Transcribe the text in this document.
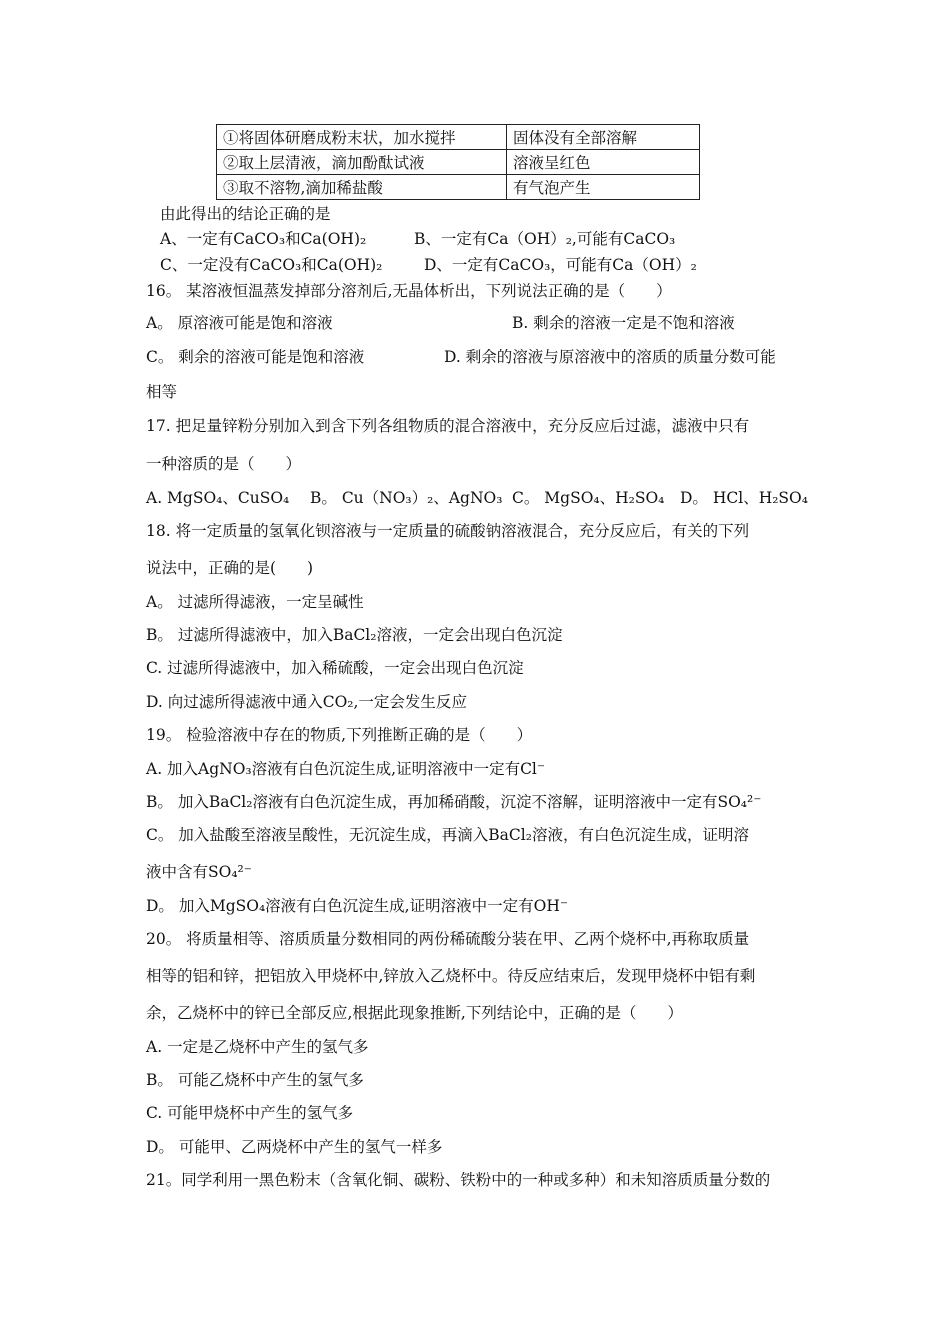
①将固体研磨成粉末状，加水搅拌	固体没有全部溶解
②取上层清液，滴加酚酞试液	溶液呈红色
③取不溶物,滴加稀盐酸	有气泡产生
由此得出的结论正确的是
A、一定有CaCO₃和Ca(OH)₂	B、一定有Ca（OH）₂,可能有CaCO₃
C、一定没有CaCO₃和Ca(OH)₂	D、一定有CaCO₃，可能有Ca（OH）₂
16。 某溶液恒温蒸发掉部分溶剂后,无晶体析出，下列说法正确的是（　　）
A。 原溶液可能是饱和溶液	B. 剩余的溶液一定是不饱和溶液
C。 剩余的溶液可能是饱和溶液	D. 剩余的溶液与原溶液中的溶质的质量分数可能
相等
17. 把足量锌粉分别加入到含下列各组物质的混合溶液中，充分反应后过滤，滤液中只有
一种溶质的是（　　）
A. MgSO₄、CuSO₄ B。 Cu（NO₃）₂、AgNO₃ C。 MgSO₄、H₂SO₄ D。 HCl、H₂SO₄
18. 将一定质量的氢氧化钡溶液与一定质量的硫酸钠溶液混合，充分反应后，有关的下列
说法中，正确的是(　　)
A。 过滤所得滤液，一定呈碱性
B。 过滤所得滤液中，加入BaCl₂溶液，一定会出现白色沉淀
C. 过滤所得滤液中，加入稀硫酸，一定会出现白色沉淀
D. 向过滤所得滤液中通入CO₂,一定会发生反应
19。 检验溶液中存在的物质,下列推断正确的是（　　）
A. 加入AgNO₃溶液有白色沉淀生成,证明溶液中一定有Cl⁻
B。 加入BaCl₂溶液有白色沉淀生成，再加稀硝酸，沉淀不溶解，证明溶液中一定有SO₄²⁻
C。 加入盐酸至溶液呈酸性，无沉淀生成，再滴入BaCl₂溶液，有白色沉淀生成，证明溶
液中含有SO₄²⁻
D。 加入MgSO₄溶液有白色沉淀生成,证明溶液中一定有OH⁻
20。 将质量相等、溶质质量分数相同的两份稀硫酸分装在甲、乙两个烧杯中,再称取质量
相等的铝和锌，把铝放入甲烧杯中,锌放入乙烧杯中。待反应结束后，发现甲烧杯中铝有剩
余，乙烧杯中的锌已全部反应,根据此现象推断,下列结论中，正确的是（　　）
A. 一定是乙烧杯中产生的氢气多
B。 可能乙烧杯中产生的氢气多
C. 可能甲烧杯中产生的氢气多
D。 可能甲、乙两烧杯中产生的氢气一样多
21。同学利用一黑色粉末（含氧化铜、碳粉、铁粉中的一种或多种）和未知溶质质量分数的
